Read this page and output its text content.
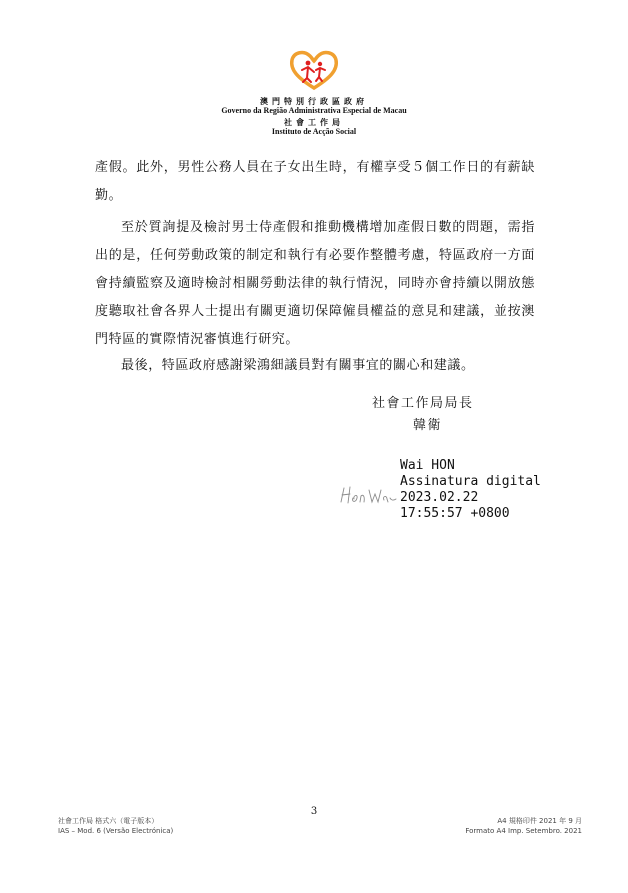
澳門特別行政區政府
Governo da Região Administrativa Especial de Macau
社會工作局
Instituto de Acção Social

產假。此外，男性公務人員在子女出生時，有權享受５個工作日的有薪缺勤。

至於質詢提及檢討男士侍產假和推動機構增加產假日數的問題，需指出的是，任何勞動政策的制定和執行有必要作整體考慮，特區政府一方面會持續監察及適時檢討相關勞動法律的執行情況，同時亦會持續以開放態度聽取社會各界人士提出有關更適切保障僱員權益的意見和建議，並按澳門特區的實際情況審慎進行研究。

最後，特區政府感謝梁鴻細議員對有關事宜的關心和建議。

社會工作局局長
韓衛
Wai HON
Assinatura digital
2023.02.22
17:55:57 +0800
3
社會工作局 格式六（電子版本）
IAS – Mod. 6 (Versão Electrónica)
A4 規格印件 2021 年 9 月
Formato A4 Imp. Setembro. 2021
